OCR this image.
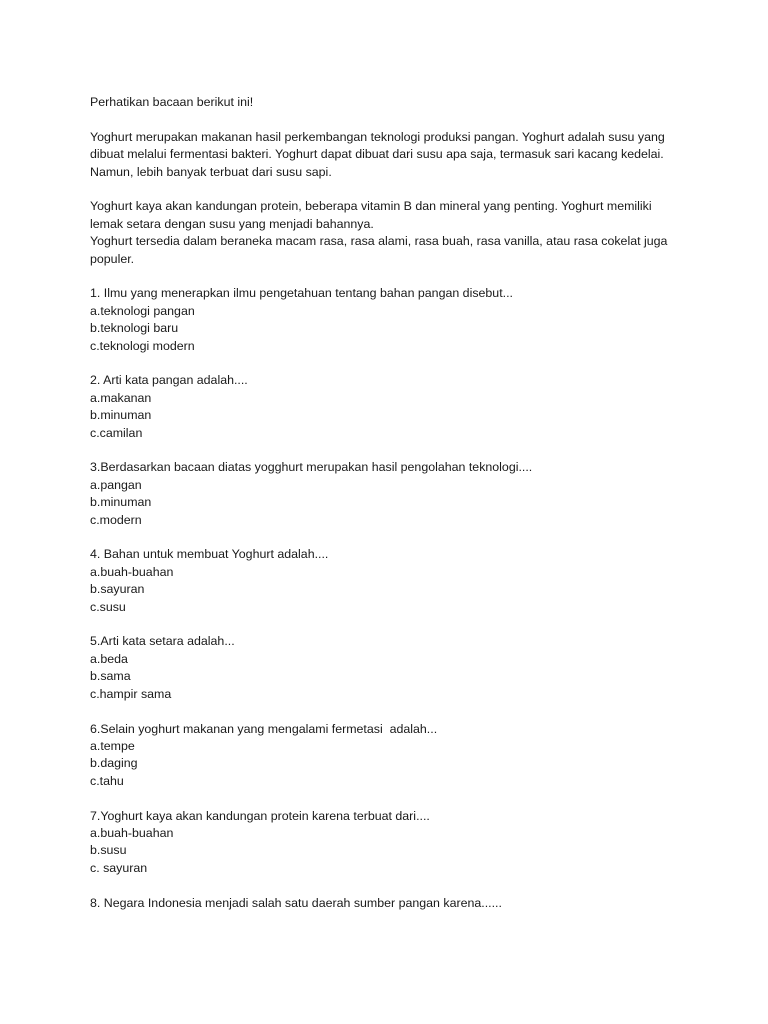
Perhatikan bacaan berikut ini!

Yoghurt merupakan makanan hasil perkembangan teknologi produksi pangan. Yoghurt adalah susu yang
dibuat melalui fermentasi bakteri. Yoghurt dapat dibuat dari susu apa saja, termasuk sari kacang kedelai.
Namun, lebih banyak terbuat dari susu sapi.

Yoghurt kaya akan kandungan protein, beberapa vitamin B dan mineral yang penting. Yoghurt memiliki
lemak setara dengan susu yang menjadi bahannya.
Yoghurt tersedia dalam beraneka macam rasa, rasa alami, rasa buah, rasa vanilla, atau rasa cokelat juga
populer.

1. Ilmu yang menerapkan ilmu pengetahuan tentang bahan pangan disebut...
a.teknologi pangan
b.teknologi baru
c.teknologi modern
2. Arti kata pangan adalah....
a.makanan
b.minuman
c.camilan
3.Berdasarkan bacaan diatas yogghurt merupakan hasil pengolahan teknologi....
a.pangan
b.minuman
c.modern
4. Bahan untuk membuat Yoghurt adalah....
a.buah-buahan
b.sayuran
c.susu
5.Arti kata setara adalah...
a.beda
b.sama
c.hampir sama
6.Selain yoghurt makanan yang mengalami fermetasi  adalah...
a.tempe
b.daging
c.tahu
7.Yoghurt kaya akan kandungan protein karena terbuat dari....
a.buah-buahan
b.susu
c. sayuran
8. Negara Indonesia menjadi salah satu daerah sumber pangan karena......
